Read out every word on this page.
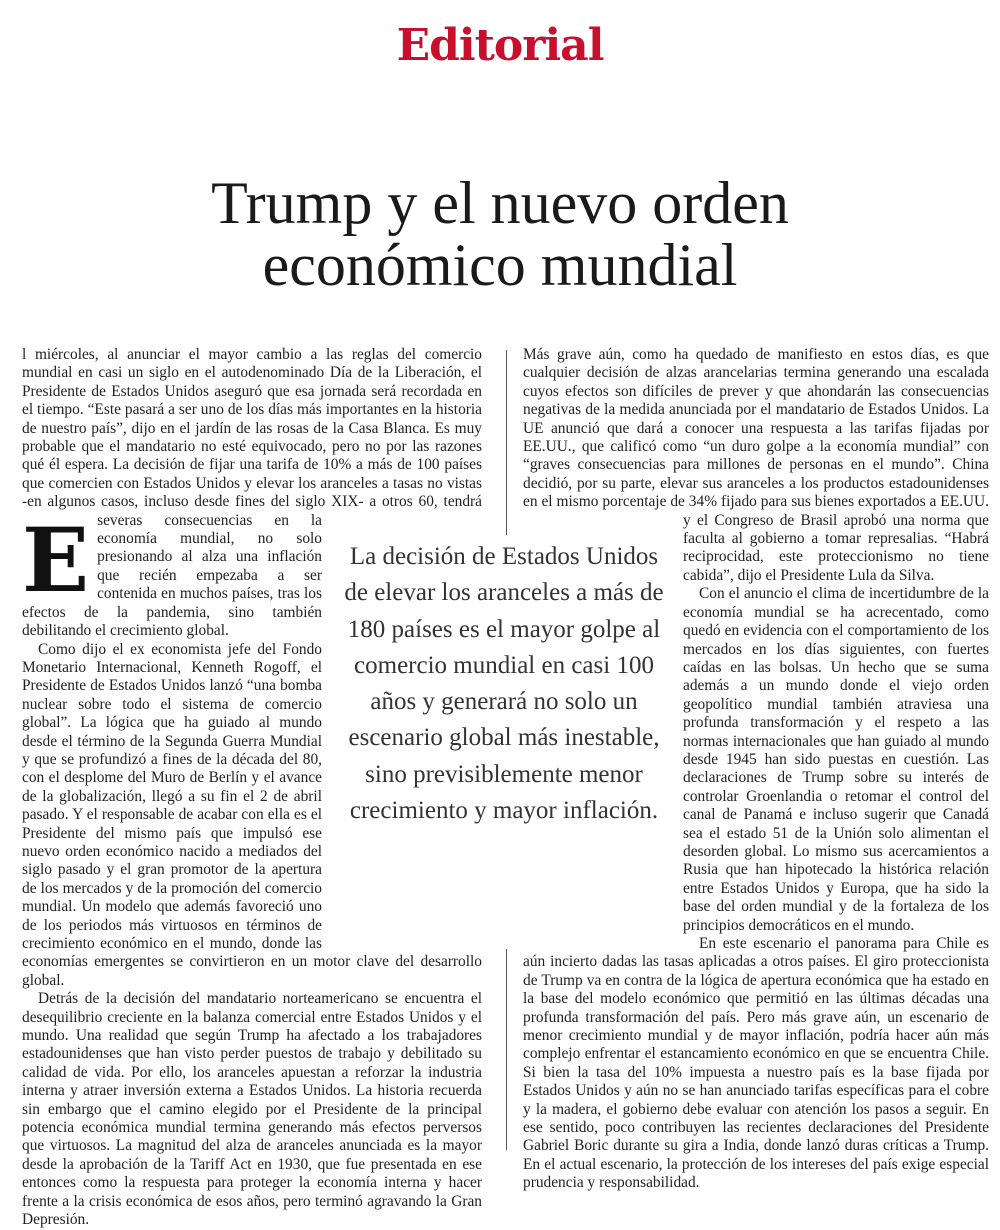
Editorial
Trump y el nuevo orden
económico mundial

E
l miércoles, al anunciar el mayor cambio a las reglas del comercio mundial en casi un siglo en el autodenominado Día de la Liberación, el Presidente de Estados Unidos aseguró que esa jornada será recordada en el tiempo. “Este pasará a ser uno de los días más importantes en la historia de nuestro país”, dijo en el jardín de las rosas de la Casa Blanca. Es muy probable que el mandatario no esté equivocado, pero no por las razones qué él espera. La decisión de fijar una tarifa de 10% a más de 100 países que comercien con Estados Unidos y elevar los aranceles a tasas no vistas -en algunos casos, incluso desde fines del siglo XIX- a otros 60, tendrá severas consecuencias en la economía mundial, no solo presionando al alza una inflación que recién empezaba a ser contenida en muchos países, tras los efectos de la pandemia, sino también debilitando el crecimiento global.

Como dijo el ex economista jefe del Fondo Monetario Internacional, Kenneth Rogoff, el Presidente de Estados Unidos lanzó “una bomba nuclear sobre todo el sistema de comercio global”. La lógica que ha guiado al mundo desde el término de la Segunda Guerra Mundial y que se profundizó a fines de la década del 80, con el desplome del Muro de Berlín y el avance de la globalización, llegó a su fin el 2 de abril pasado. Y el responsable de acabar con ella es el Presidente del mismo país que impulsó ese nuevo orden económico nacido a mediados del siglo pasado y el gran promotor de la apertura de los mercados y de la promoción del comercio mundial. Un modelo que además favoreció uno de los periodos más virtuosos en términos de crecimiento económico en el mundo, donde las economías emergentes se convirtieron en un motor clave del desarrollo global.

Detrás de la decisión del mandatario norteamericano se encuentra el desequilibrio creciente en la balanza comercial entre Estados Unidos y el mundo. Una realidad que según Trump ha afectado a los trabajadores estadounidenses que han visto perder puestos de trabajo y debilitado su calidad de vida. Por ello, los aranceles apuestan a reforzar la industria interna y atraer inversión externa a Estados Unidos. La historia recuerda sin embargo que el camino elegido por el Presidente de la principal potencia económica mundial termina generando más efectos perversos que virtuosos. La magnitud del alza de aranceles anunciada es la mayor desde la aprobación de la Tariff Act en 1930, que fue presentada en ese entonces como la respuesta para proteger la economía interna y hacer frente a la crisis económica de esos años, pero terminó agravando la Gran Depresión.

Más grave aún, como ha quedado de manifiesto en estos días, es que cualquier decisión de alzas arancelarias termina generando una escalada cuyos efectos son difíciles de prever y que ahondarán las consecuencias negativas de la medida anunciada por el mandatario de Estados Unidos. La UE anunció que dará a conocer una respuesta a las tarifas fijadas por EE.UU., que calificó como “un duro golpe a la economía mundial” con “graves consecuencias para millones de personas en el mundo”. China decidió, por su parte, elevar sus aranceles a los productos estadounidenses en el mismo porcentaje de 34% fijado para sus bienes exportados a EE.UU. y el Congreso de Brasil aprobó una norma que faculta al gobierno a tomar represalias. “Habrá reciprocidad, este proteccionismo no tiene cabida”, dijo el Presidente Lula da Silva.

Con el anuncio el clima de incertidumbre de la economía mundial se ha acrecentado, como quedó en evidencia con el comportamiento de los mercados en los días siguientes, con fuertes caídas en las bolsas. Un hecho que se suma además a un mundo donde el viejo orden geopolítico mundial también atraviesa una profunda transformación y el respeto a las normas internacionales que han guiado al mundo desde 1945 han sido puestas en cuestión. Las declaraciones de Trump sobre su interés de controlar Groenlandia o retomar el control del canal de Panamá e incluso sugerir que Canadá sea el estado 51 de la Unión solo alimentan el desorden global. Lo mismo sus acercamientos a Rusia que han hipotecado la histórica relación entre Estados Unidos y Europa, que ha sido la base del orden mundial y de la fortaleza de los principios democráticos en el mundo.

En este escenario el panorama para Chile es aún incierto dadas las tasas aplicadas a otros países. El giro proteccionista de Trump va en contra de la lógica de apertura económica que ha estado en la base del modelo económico que permitió en las últimas décadas una profunda transformación del país. Pero más grave aún, un escenario de menor crecimiento mundial y de mayor inflación, podría hacer aún más complejo enfrentar el estancamiento económico en que se encuentra Chile. Si bien la tasa del 10% impuesta a nuestro país es la base fijada por Estados Unidos y aún no se han anunciado tarifas específicas para el cobre y la madera, el gobierno debe evaluar con atención los pasos a seguir. En ese sentido, poco contribuyen las recientes declaraciones del Presidente Gabriel Boric durante su gira a India, donde lanzó duras críticas a Trump. En el actual escenario, la protección de los intereses del país exige especial prudencia y responsabilidad.

La decisión de Estados Unidos de elevar los aranceles a más de 180 países es el mayor golpe al comercio mundial en casi 100 años y generará no solo un escenario global más inestable, sino previsiblemente menor crecimiento y mayor inflación.
